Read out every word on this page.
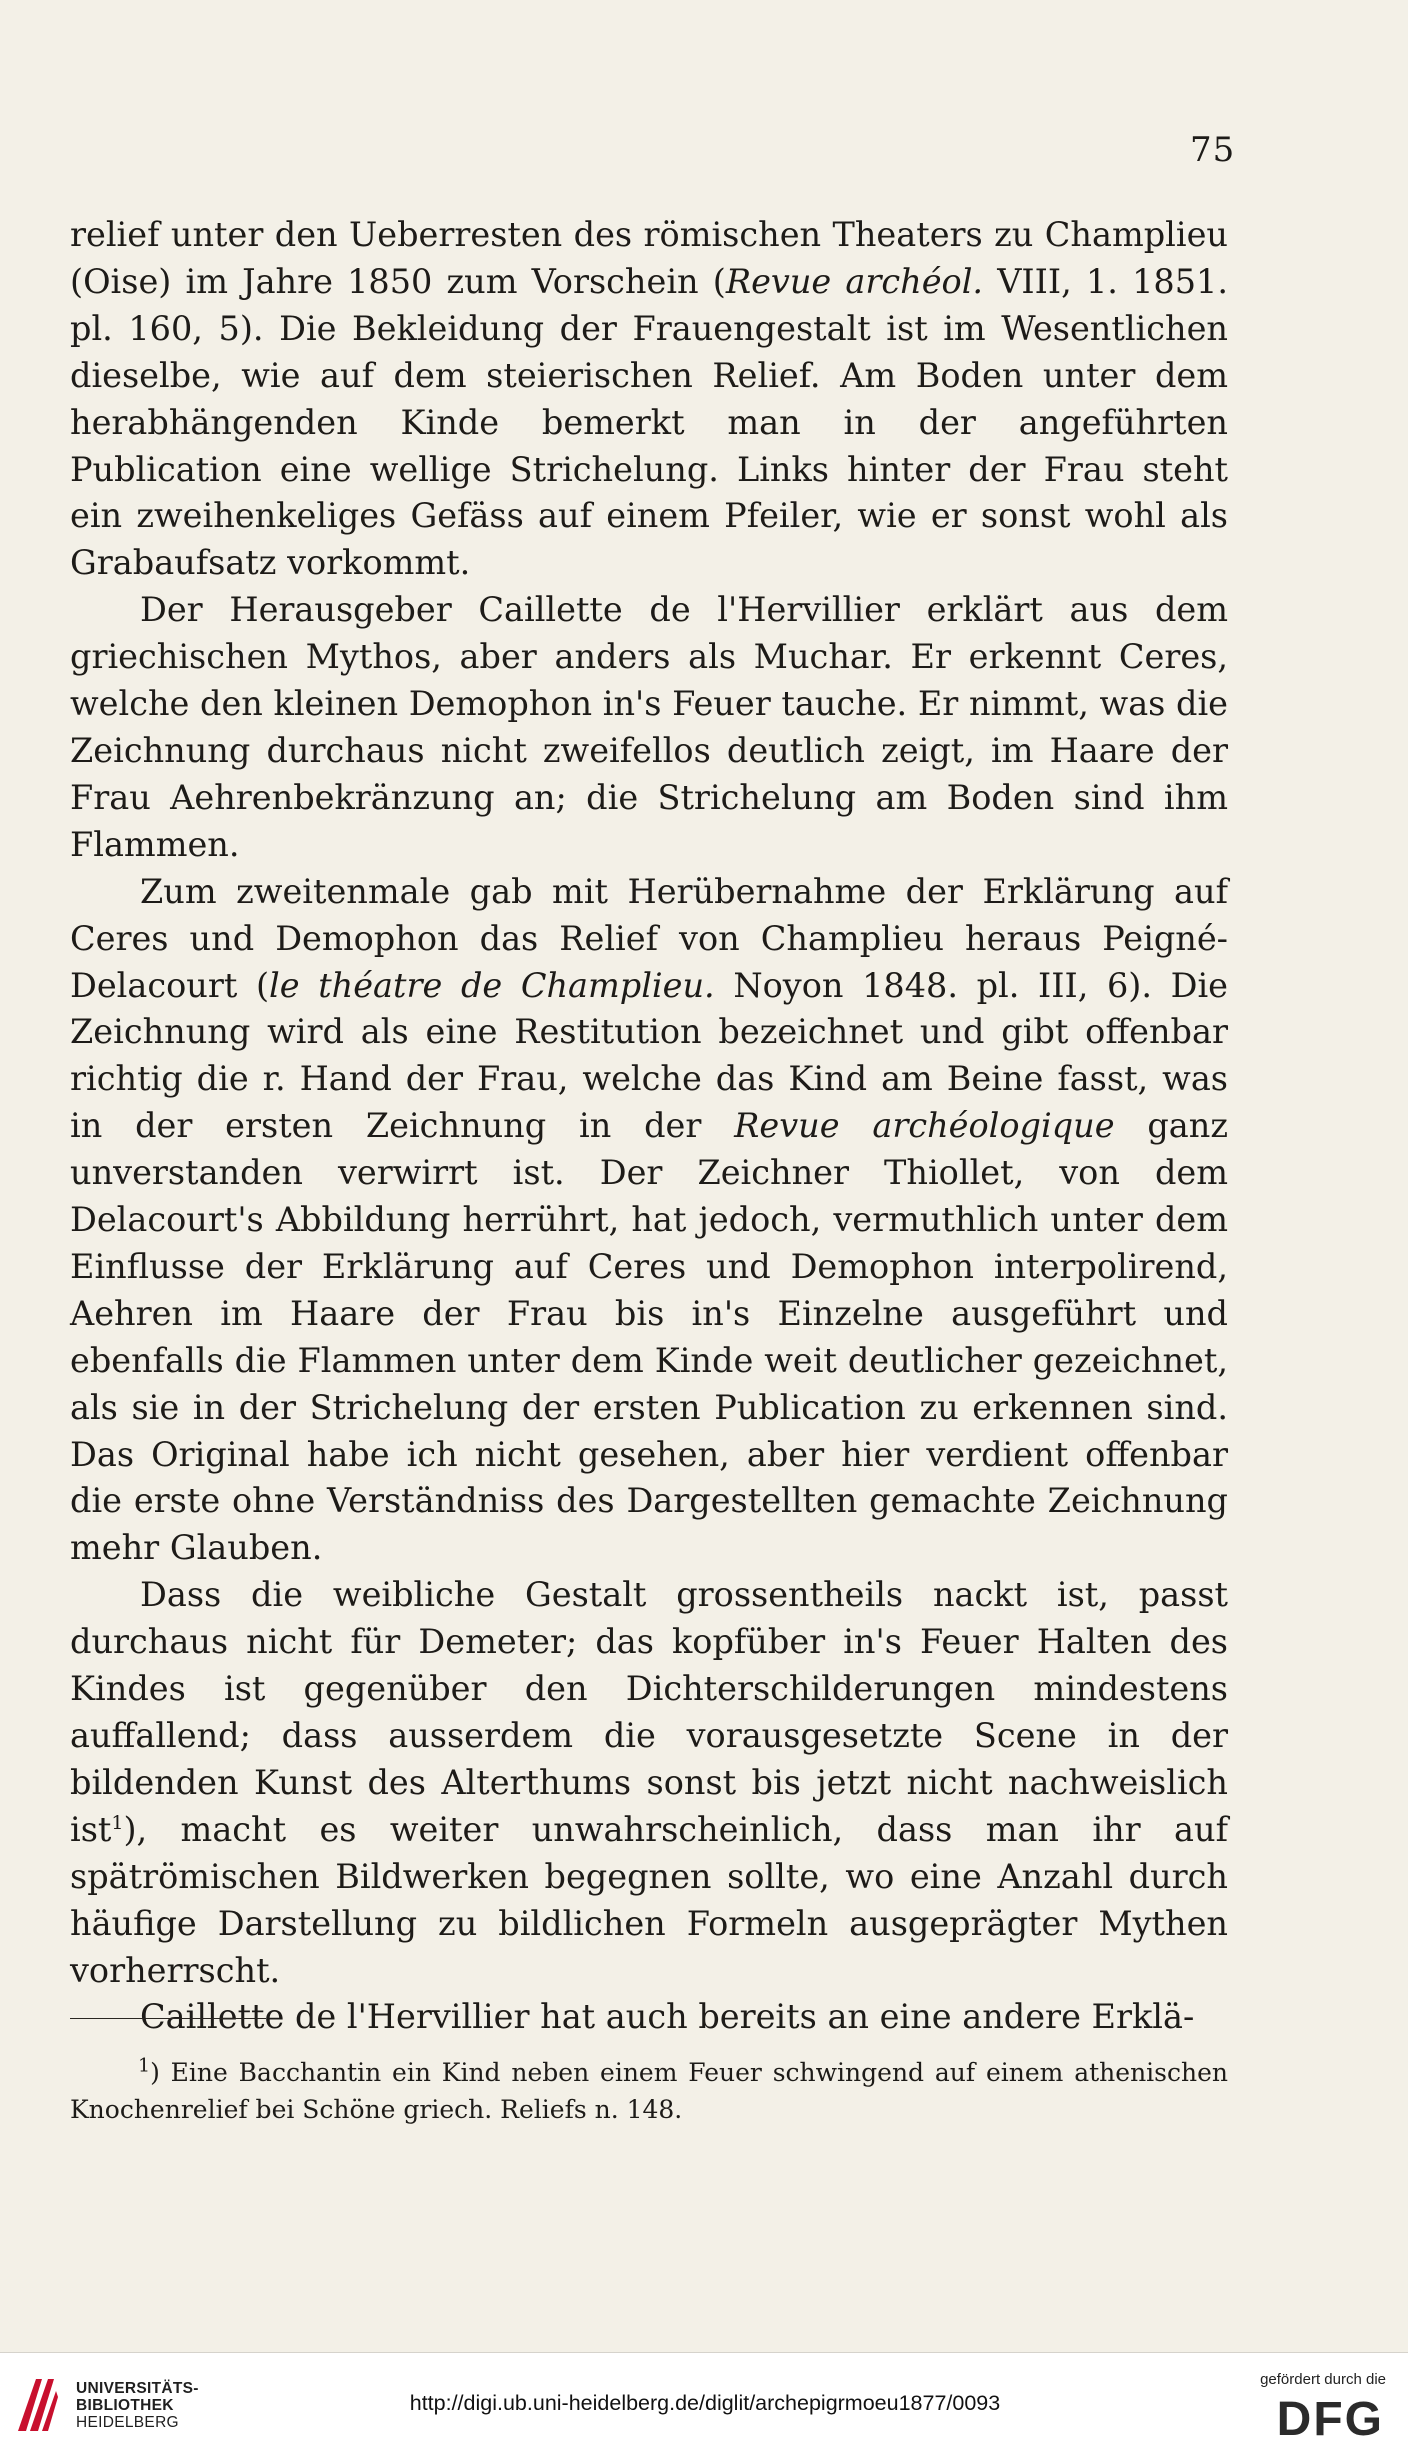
75

relief unter den Ueberresten des römischen Theaters zu Champlieu (Oise) im Jahre 1850 zum Vorschein (Revue archéol. VIII, 1. 1851. pl. 160, 5). Die Bekleidung der Frauengestalt ist im Wesentlichen dieselbe, wie auf dem steierischen Relief. Am Boden unter dem herabhängenden Kinde bemerkt man in der angeführten Publication eine wellige Strichelung. Links hinter der Frau steht ein zweihenkeliges Gefäss auf einem Pfeiler, wie er sonst wohl als Grabaufsatz vorkommt.

Der Herausgeber Caillette de l'Hervillier erklärt aus dem griechischen Mythos, aber anders als Muchar. Er erkennt Ceres, welche den kleinen Demophon in's Feuer tauche. Er nimmt, was die Zeichnung durchaus nicht zweifellos deutlich zeigt, im Haare der Frau Aehrenbekränzung an; die Strichelung am Boden sind ihm Flammen.

Zum zweitenmale gab mit Herübernahme der Erklärung auf Ceres und Demophon das Relief von Champlieu heraus Peigné-Delacourt (le théatre de Champlieu. Noyon 1848. pl. III, 6). Die Zeichnung wird als eine Restitution bezeichnet und gibt offenbar richtig die r. Hand der Frau, welche das Kind am Beine fasst, was in der ersten Zeichnung in der Revue archéologique ganz unverstanden verwirrt ist. Der Zeichner Thiollet, von dem Delacourt's Abbildung herrührt, hat jedoch, vermuthlich unter dem Einflusse der Erklärung auf Ceres und Demophon interpolirend, Aehren im Haare der Frau bis in's Einzelne ausgeführt und ebenfalls die Flammen unter dem Kinde weit deutlicher gezeichnet, als sie in der Strichelung der ersten Publication zu erkennen sind. Das Original habe ich nicht gesehen, aber hier verdient offenbar die erste ohne Verständniss des Dargestellten gemachte Zeichnung mehr Glauben.

Dass die weibliche Gestalt grossentheils nackt ist, passt durchaus nicht für Demeter; das kopfüber in's Feuer Halten des Kindes ist gegenüber den Dichterschilderungen mindestens auffallend; dass ausserdem die vorausgesetzte Scene in der bildenden Kunst des Alterthums sonst bis jetzt nicht nachweislich ist$^1$), macht es weiter unwahrscheinlich, dass man ihr auf spätrömischen Bildwerken begegnen sollte, wo eine Anzahl durch häufige Darstellung zu bildlichen Formeln ausgeprägter Mythen vorherrscht.

Caillette de l'Hervillier hat auch bereits an eine andere Erklä-

$^1$) Eine Bacchantin ein Kind neben einem Feuer schwingend auf einem athenischen Knochenrelief bei Schöne griech. Reliefs n. 148.

UNIVERSITÄTS-
BIBLIOTHEK
HEIDELBERG
http://digi.ub.uni-heidelberg.de/diglit/archepigrmoeu1877/0093
gefördert durch die
DFG
